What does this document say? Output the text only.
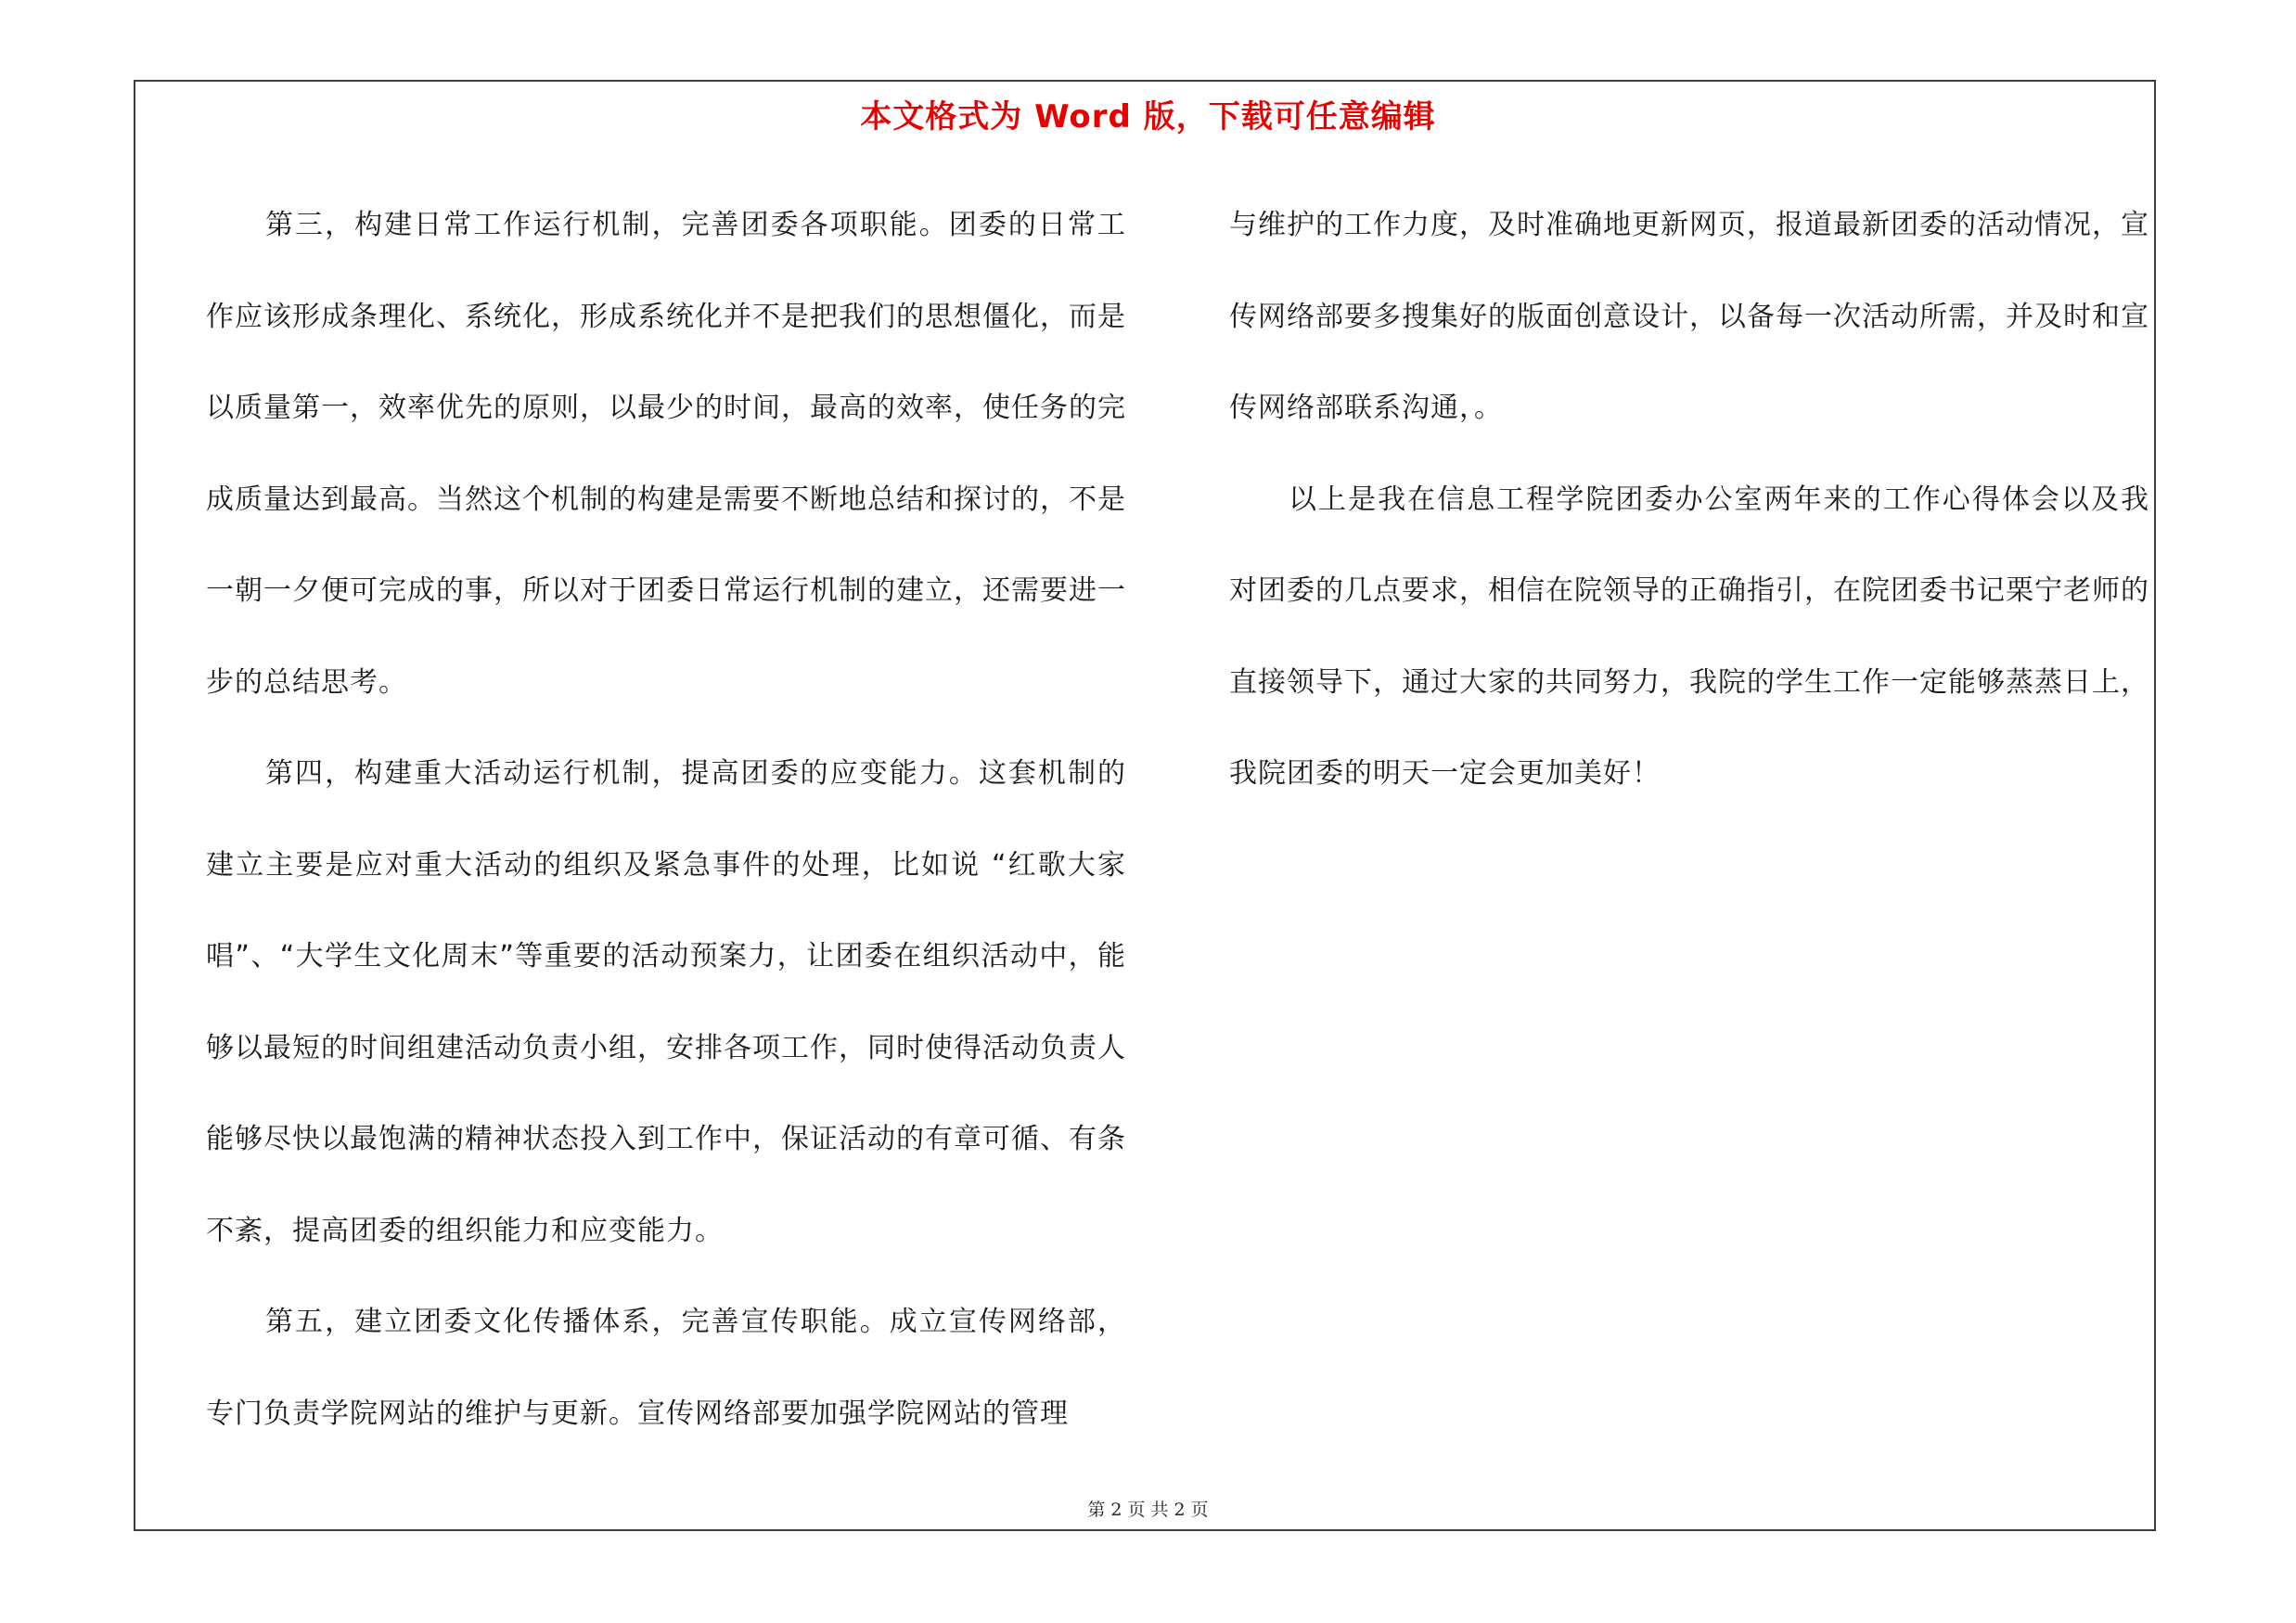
本文格式为 Word 版，下载可任意编辑

第三，构建日常工作运行机制，完善团委各项职能。团委的日常工作应该形成条理化、系统化，形成系统化并不是把我们的思想僵化，而是以质量第一，效率优先的原则，以最少的时间，最高的效率，使任务的完成质量达到最高。当然这个机制的构建是需要不断地总结和探讨的，不是一朝一夕便可完成的事，所以对于团委日常运行机制的建立，还需要进一步的总结思考。

第四，构建重大活动运行机制，提高团委的应变能力。这套机制的建立主要是应对重大活动的组织及紧急事件的处理，比如说 “红歌大家唱”、“大学生文化周末”等重要的活动预案力，让团委在组织活动中，能够以最短的时间组建活动负责小组，安排各项工作，同时使得活动负责人能够尽快以最饱满的精神状态投入到工作中，保证活动的有章可循、有条不紊，提高团委的组织能力和应变能力。

第五，建立团委文化传播体系，完善宣传职能。成立宣传网络部，专门负责学院网站的维护与更新。宣传网络部要加强学院网站的管理

与维护的工作力度，及时准确地更新网页，报道最新团委的活动情况，宣传网络部要多搜集好的版面创意设计，以备每一次活动所需，并及时和宣传网络部联系沟通，。

以上是我在信息工程学院团委办公室两年来的工作心得体会以及我对团委的几点要求，相信在院领导的正确指引，在院团委书记栗宁老师的直接领导下，通过大家的共同努力，我院的学生工作一定能够蒸蒸日上，我院团委的明天一定会更加美好！

第 2 页 共 2 页
